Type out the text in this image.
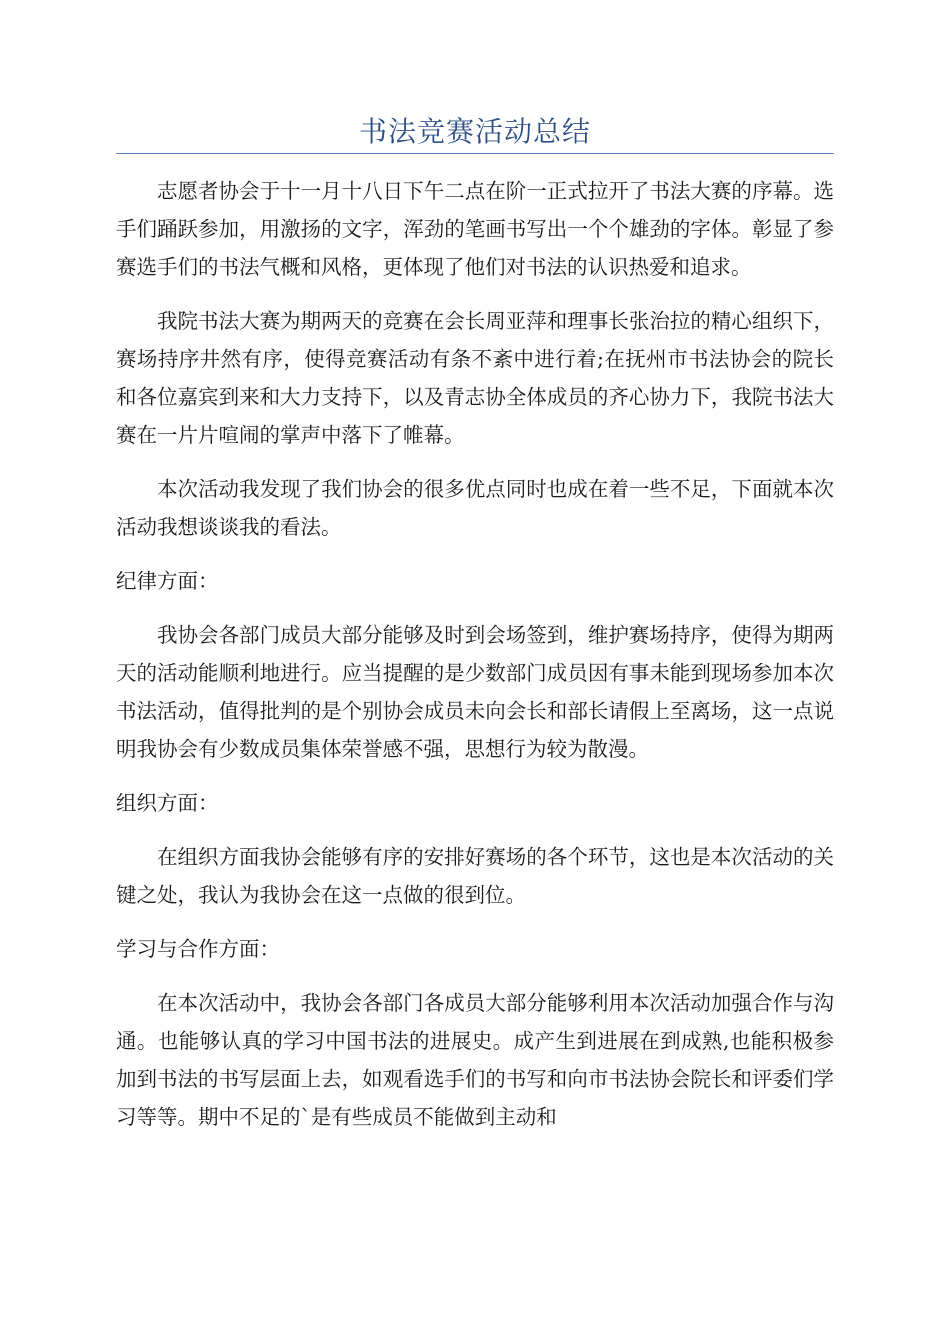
书法竞赛活动总结

志愿者协会于十一月十八日下午二点在阶一正式拉开了书法大赛的序幕。选手们踊跃参加，用激扬的文字，浑劲的笔画书写出一个个雄劲的字体。彰显了参赛选手们的书法气概和风格，更体现了他们对书法的认识热爱和追求。

我院书法大赛为期两天的竞赛在会长周亚萍和理事长张治拉的精心组织下，赛场持序井然有序，使得竞赛活动有条不紊中进行着;在抚州市书法协会的院长和各位嘉宾到来和大力支持下，以及青志协全体成员的齐心协力下，我院书法大赛在一片片喧闹的掌声中落下了帷幕。

本次活动我发现了我们协会的很多优点同时也成在着一些不足，下面就本次活动我想谈谈我的看法。

纪律方面：

我协会各部门成员大部分能够及时到会场签到，维护赛场持序，使得为期两天的活动能顺利地进行。应当提醒的是少数部门成员因有事未能到现场参加本次书法活动，值得批判的是个别协会成员未向会长和部长请假上至离场，这一点说明我协会有少数成员集体荣誉感不强，思想行为较为散漫。

组织方面：

在组织方面我协会能够有序的安排好赛场的各个环节，这也是本次活动的关键之处，我认为我协会在这一点做的很到位。

学习与合作方面：

在本次活动中，我协会各部门各成员大部分能够利用本次活动加强合作与沟通。也能够认真的学习中国书法的进展史。成产生到进展在到成熟,也能积极参加到书法的书写层面上去，如观看选手们的书写和向市书法协会院长和评委们学习等等。期中不足的`是有些成员不能做到主动和
